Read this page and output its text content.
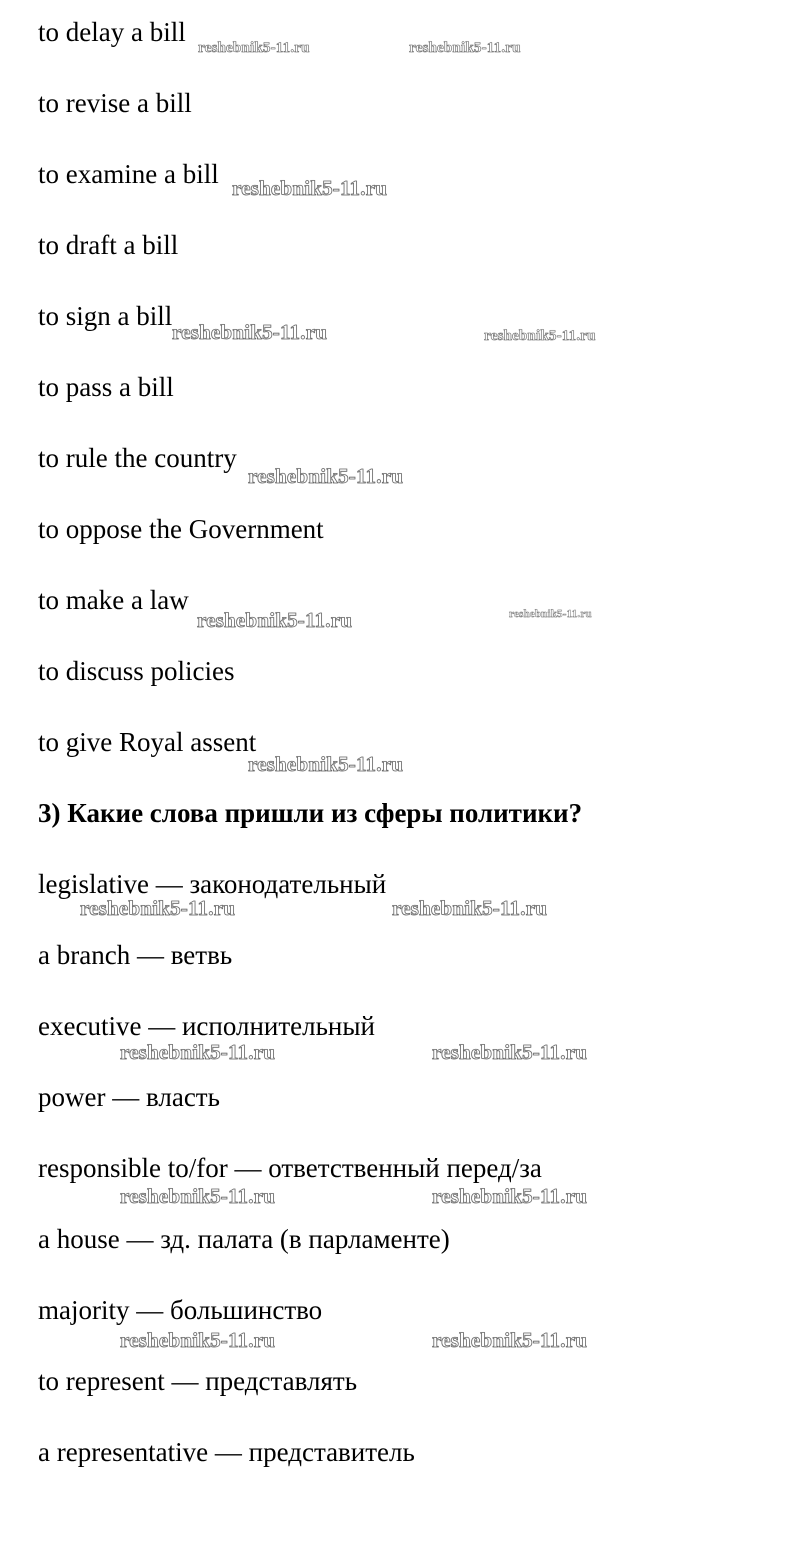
to delay a bill
to revise a bill
to examine a bill
to draft a bill
to sign a bill
to pass a bill
to rule the country
to oppose the Government
to make a law
to discuss policies
to give Royal assent
3) Какие слова пришли из сферы политики?
legislative — законодательный
a branch — ветвь
executive — исполнительный
power — власть
responsible to/for — ответственный перед/за
a house — зд. палата (в парламенте)
majority — большинство
to represent — представлять
a representative — представитель
reshebnik5-11.ru	reshebnik5-11.ru
reshebnik5-11.ru
reshebnik5-11.ru	reshebnik5-11.ru
reshebnik5-11.ru
reshebnik5-11.ru	reshebnik5-11.ru
reshebnik5-11.ru
reshebnik5-11.ru	reshebnik5-11.ru
reshebnik5-11.ru	reshebnik5-11.ru
reshebnik5-11.ru	reshebnik5-11.ru
reshebnik5-11.ru	reshebnik5-11.ru
